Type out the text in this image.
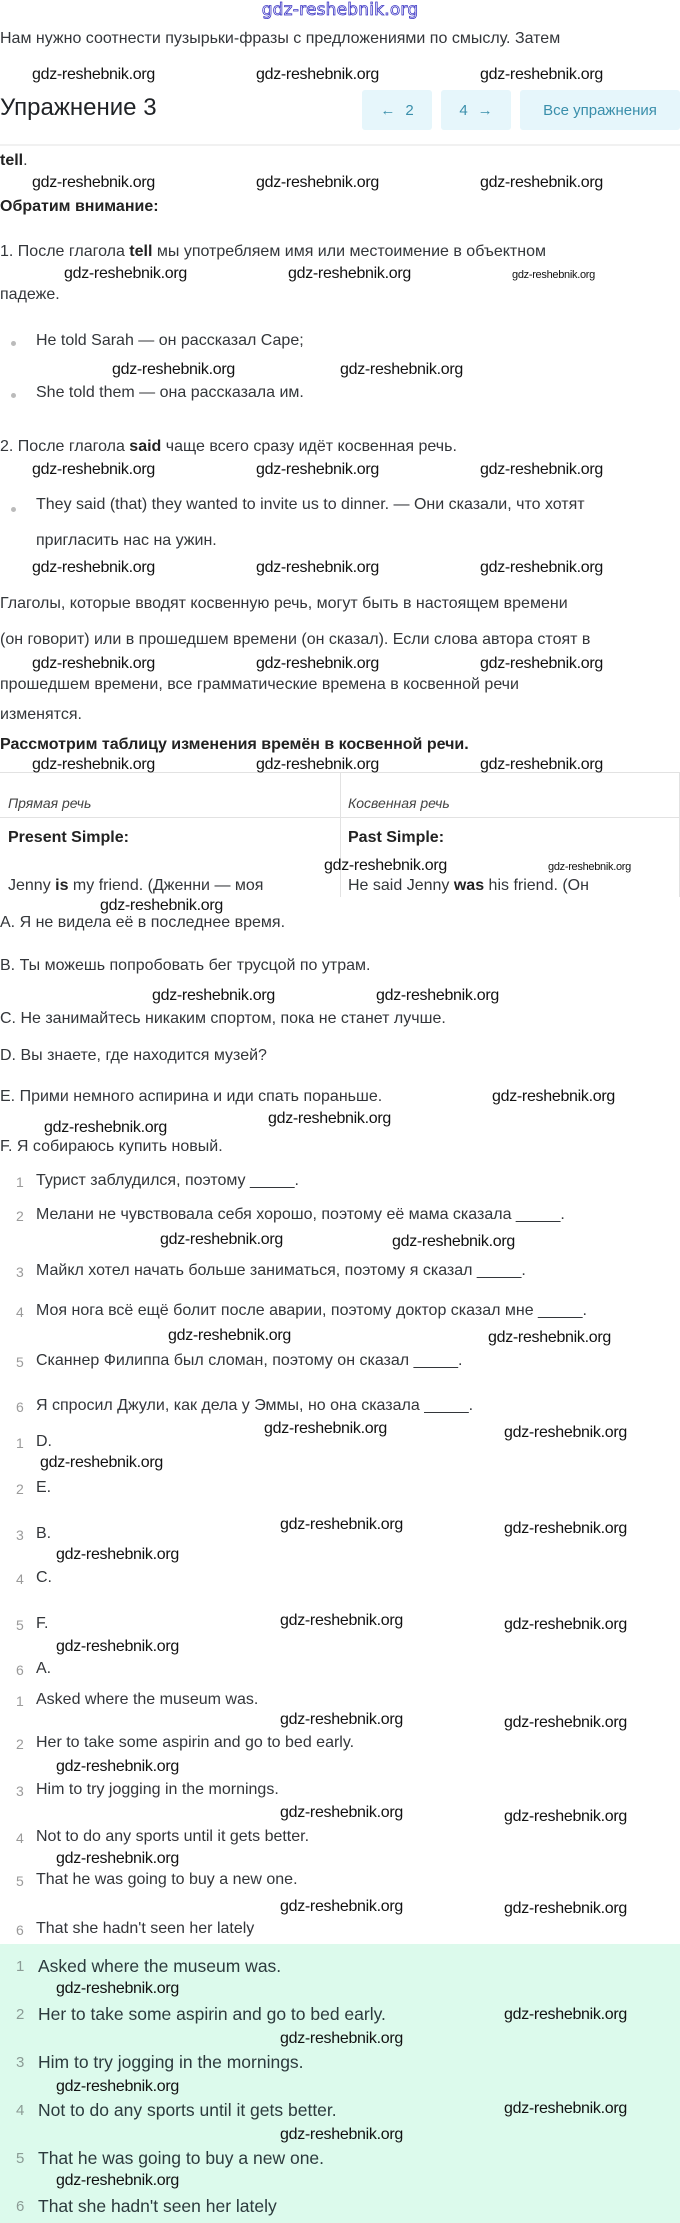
gdz-reshebnik.org
Нам нужно соотнести пузырьки-фразы с предложениями по смыслу. Затем
Упражнение 3	← 2	4 →	Все упражнения
tell.
Обратим внимание:
1. После глагола tell мы употребляем имя или местоимение в объектном
падеже.
He told Sarah — он рассказал Саре;
She told them — она рассказала им.
2. После глагола said чаще всего сразу идёт косвенная речь.
They said (that) they wanted to invite us to dinner. — Они сказали, что хотят
пригласить нас на ужин.
Глаголы, которые вводят косвенную речь, могут быть в настоящем времени
(он говорит) или в прошедшем времени (он сказал). Если слова автора стоят в
прошедшем времени, все грамматические времена в косвенной речи
изменятся.
Рассмотрим таблицу изменения времён в косвенной речи.
Прямая речь	Косвенная речь
Present Simple:	Past Simple:
Jenny is my friend. (Дженни — моя	He said Jenny was his friend. (Он
A. Я не видела её в последнее время.
B. Ты можешь попробовать бег трусцой по утрам.
C. Не занимайтесь никаким спортом, пока не станет лучше.
D. Вы знаете, где находится музей?
E. Прими немного аспирина и иди спать пораньше.
F. Я собираюсь купить новый.
1 Турист заблудился, поэтому _____.
2 Мелани не чувствовала себя хорошо, поэтому её мама сказала _____.
3 Майкл хотел начать больше заниматься, поэтому я сказал _____.
4 Моя нога всё ещё болит после аварии, поэтому доктор сказал мне _____.
5 Сканнер Филиппа был сломан, поэтому он сказал _____.
6 Я спросил Джули, как дела у Эммы, но она сказала _____.
1 D.
2 E.
3 B.
4 C.
5 F.
6 A.
1 Asked where the museum was.
2 Her to take some aspirin and go to bed early.
3 Him to try jogging in the mornings.
4 Not to do any sports until it gets better.
5 That he was going to buy a new one.
6 That she hadn't seen her lately
1 Asked where the museum was.
2 Her to take some aspirin and go to bed early.
3 Him to try jogging in the mornings.
4 Not to do any sports until it gets better.
5 That he was going to buy a new one.
6 That she hadn't seen her lately
gdz-reshebnik.org	gdz-reshebnik.org	gdz-reshebnik.org
gdz-reshebnik.org	gdz-reshebnik.org	gdz-reshebnik.org
gdz-reshebnik.org	gdz-reshebnik.org	gdz-reshebnik.org
gdz-reshebnik.org	gdz-reshebnik.org
gdz-reshebnik.org	gdz-reshebnik.org	gdz-reshebnik.org
gdz-reshebnik.org	gdz-reshebnik.org	gdz-reshebnik.org
gdz-reshebnik.org	gdz-reshebnik.org	gdz-reshebnik.org
gdz-reshebnik.org	gdz-reshebnik.org	gdz-reshebnik.org
gdz-reshebnik.org	gdz-reshebnik.org
gdz-reshebnik.org
gdz-reshebnik.org	gdz-reshebnik.org
gdz-reshebnik.org
gdz-reshebnik.org
gdz-reshebnik.org
gdz-reshebnik.org	gdz-reshebnik.org
gdz-reshebnik.org	gdz-reshebnik.org
gdz-reshebnik.org	gdz-reshebnik.org
gdz-reshebnik.org
gdz-reshebnik.org	gdz-reshebnik.org
gdz-reshebnik.org
gdz-reshebnik.org	gdz-reshebnik.org
gdz-reshebnik.org
gdz-reshebnik.org	gdz-reshebnik.org
gdz-reshebnik.org
gdz-reshebnik.org	gdz-reshebnik.org
gdz-reshebnik.org
gdz-reshebnik.org	gdz-reshebnik.org
gdz-reshebnik.org
gdz-reshebnik.org
gdz-reshebnik.org
gdz-reshebnik.org
gdz-reshebnik.org
gdz-reshebnik.org
gdz-reshebnik.org
